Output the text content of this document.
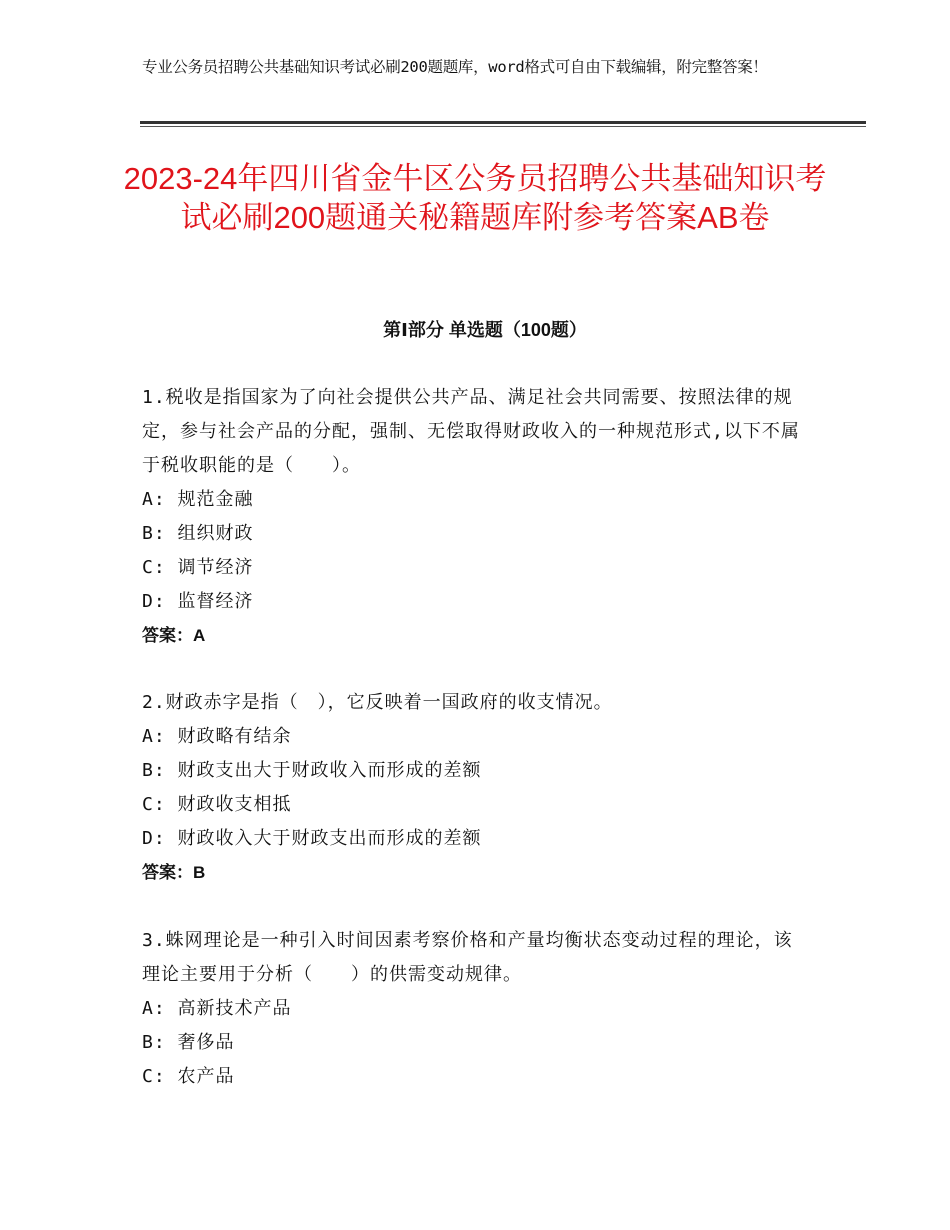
专业公务员招聘公共基础知识考试必刷200题题库，word格式可自由下载编辑，附完整答案！
2023-24年四川省金牛区公务员招聘公共基础知识考试必刷200题通关秘籍题库附参考答案AB卷
第Ⅰ部分 单选题（100题）
1.税收是指国家为了向社会提供公共产品、满足社会共同需要、按照法律的规定，参与社会产品的分配，强制、无偿取得财政收入的一种规范形式,以下不属于税收职能的是（　　）。
A: 规范金融
B: 组织财政
C: 调节经济
D: 监督经济
答案：A
2.财政赤字是指（　），它反映着一国政府的收支情况。
A: 财政略有结余
B: 财政支出大于财政收入而形成的差额
C: 财政收支相抵
D: 财政收入大于财政支出而形成的差额
答案：B
3.蛛网理论是一种引入时间因素考察价格和产量均衡状态变动过程的理论，该理论主要用于分析（　　）的供需变动规律。
A: 高新技术产品
B: 奢侈品
C: 农产品
